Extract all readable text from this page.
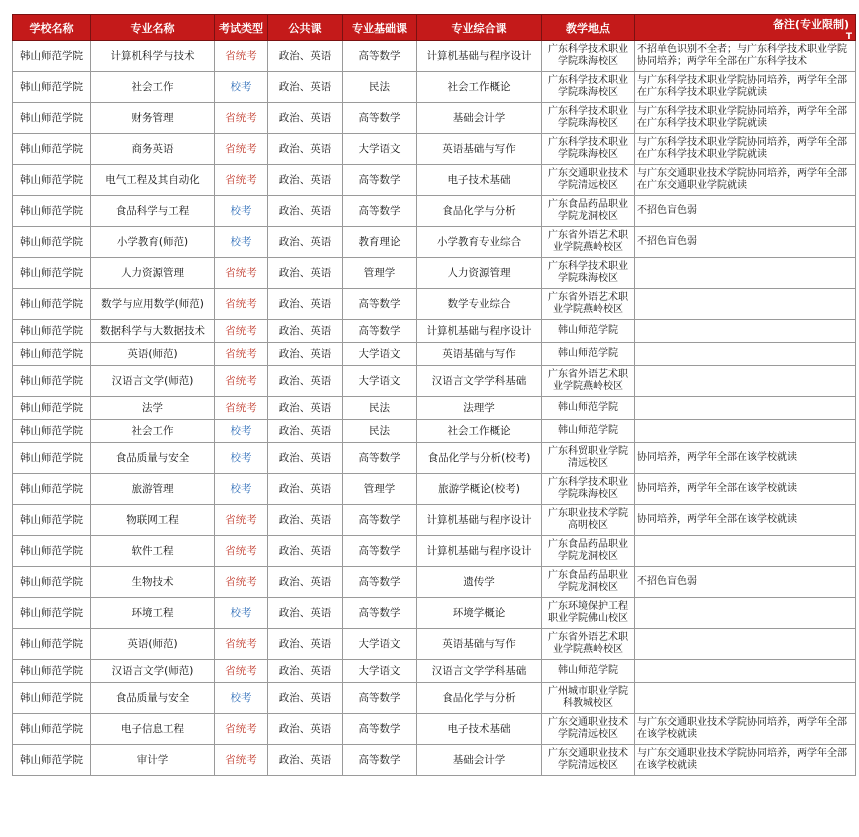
学校名称	专业名称	考试类型	公共课	专业基础课	专业综合课	教学地点	备注(专业限制)
T

韩山师范学院	计算机科学与技术	省统考	政治、英语	高等数学	计算机基础与程序设计	广东科学技术职业学院珠海校区	不招单色识别不全者；与广东科学技术职业学院协同培养；两学年全部在广东科学技术
韩山师范学院	社会工作	校考	政治、英语	民法	社会工作概论	广东科学技术职业学院珠海校区	与广东科学技术职业学院协同培养，两学年全部在广东科学技术职业学院就读
韩山师范学院	财务管理	省统考	政治、英语	高等数学	基础会计学	广东科学技术职业学院珠海校区	与广东科学技术职业学院协同培养，两学年全部在广东科学技术职业学院就读
韩山师范学院	商务英语	省统考	政治、英语	大学语文	英语基础与写作	广东科学技术职业学院珠海校区	与广东科学技术职业学院协同培养，两学年全部在广东科学技术职业学院就读
韩山师范学院	电气工程及其自动化	省统考	政治、英语	高等数学	电子技术基础	广东交通职业技术学院清远校区	与广东交通职业技术学院协同培养，两学年全部在广东交通职业学院就读
韩山师范学院	食品科学与工程	校考	政治、英语	高等数学	食品化学与分析	广东食品药品职业学院龙洞校区	不招色盲色弱
韩山师范学院	小学教育(师范)	校考	政治、英语	教育理论	小学教育专业综合	广东省外语艺术职业学院燕岭校区	不招色盲色弱
韩山师范学院	人力资源管理	省统考	政治、英语	管理学	人力资源管理	广东科学技术职业学院珠海校区	
韩山师范学院	数学与应用数学(师范)	省统考	政治、英语	高等数学	数学专业综合	广东省外语艺术职业学院燕岭校区	
韩山师范学院	数据科学与大数据技术	省统考	政治、英语	高等数学	计算机基础与程序设计	韩山师范学院	
韩山师范学院	英语(师范)	省统考	政治、英语	大学语文	英语基础与写作	韩山师范学院	
韩山师范学院	汉语言文学(师范)	省统考	政治、英语	大学语文	汉语言文学学科基础	广东省外语艺术职业学院燕岭校区	
韩山师范学院	法学	省统考	政治、英语	民法	法理学	韩山师范学院	
韩山师范学院	社会工作	校考	政治、英语	民法	社会工作概论	韩山师范学院	
韩山师范学院	食品质量与安全	校考	政治、英语	高等数学	食品化学与分析(校考)	广东科贸职业学院清远校区	协同培养，两学年全部在该学校就读
韩山师范学院	旅游管理	校考	政治、英语	管理学	旅游学概论(校考)	广东科学技术职业学院珠海校区	协同培养，两学年全部在该学校就读
韩山师范学院	物联网工程	省统考	政治、英语	高等数学	计算机基础与程序设计	广东职业技术学院高明校区	协同培养，两学年全部在该学校就读
韩山师范学院	软件工程	省统考	政治、英语	高等数学	计算机基础与程序设计	广东食品药品职业学院龙洞校区	
韩山师范学院	生物技术	省统考	政治、英语	高等数学	遗传学	广东食品药品职业学院龙洞校区	不招色盲色弱
韩山师范学院	环境工程	校考	政治、英语	高等数学	环境学概论	广东环境保护工程职业学院佛山校区	
韩山师范学院	英语(师范)	省统考	政治、英语	大学语文	英语基础与写作	广东省外语艺术职业学院燕岭校区	
韩山师范学院	汉语言文学(师范)	省统考	政治、英语	大学语文	汉语言文学学科基础	韩山师范学院	
韩山师范学院	食品质量与安全	校考	政治、英语	高等数学	食品化学与分析	广州城市职业学院科教城校区	
韩山师范学院	电子信息工程	省统考	政治、英语	高等数学	电子技术基础	广东交通职业技术学院清远校区	与广东交通职业技术学院协同培养，两学年全部在该学校就读
韩山师范学院	审计学	省统考	政治、英语	高等数学	基础会计学	广东交通职业技术学院清远校区	与广东交通职业技术学院协同培养，两学年全部在该学校就读
